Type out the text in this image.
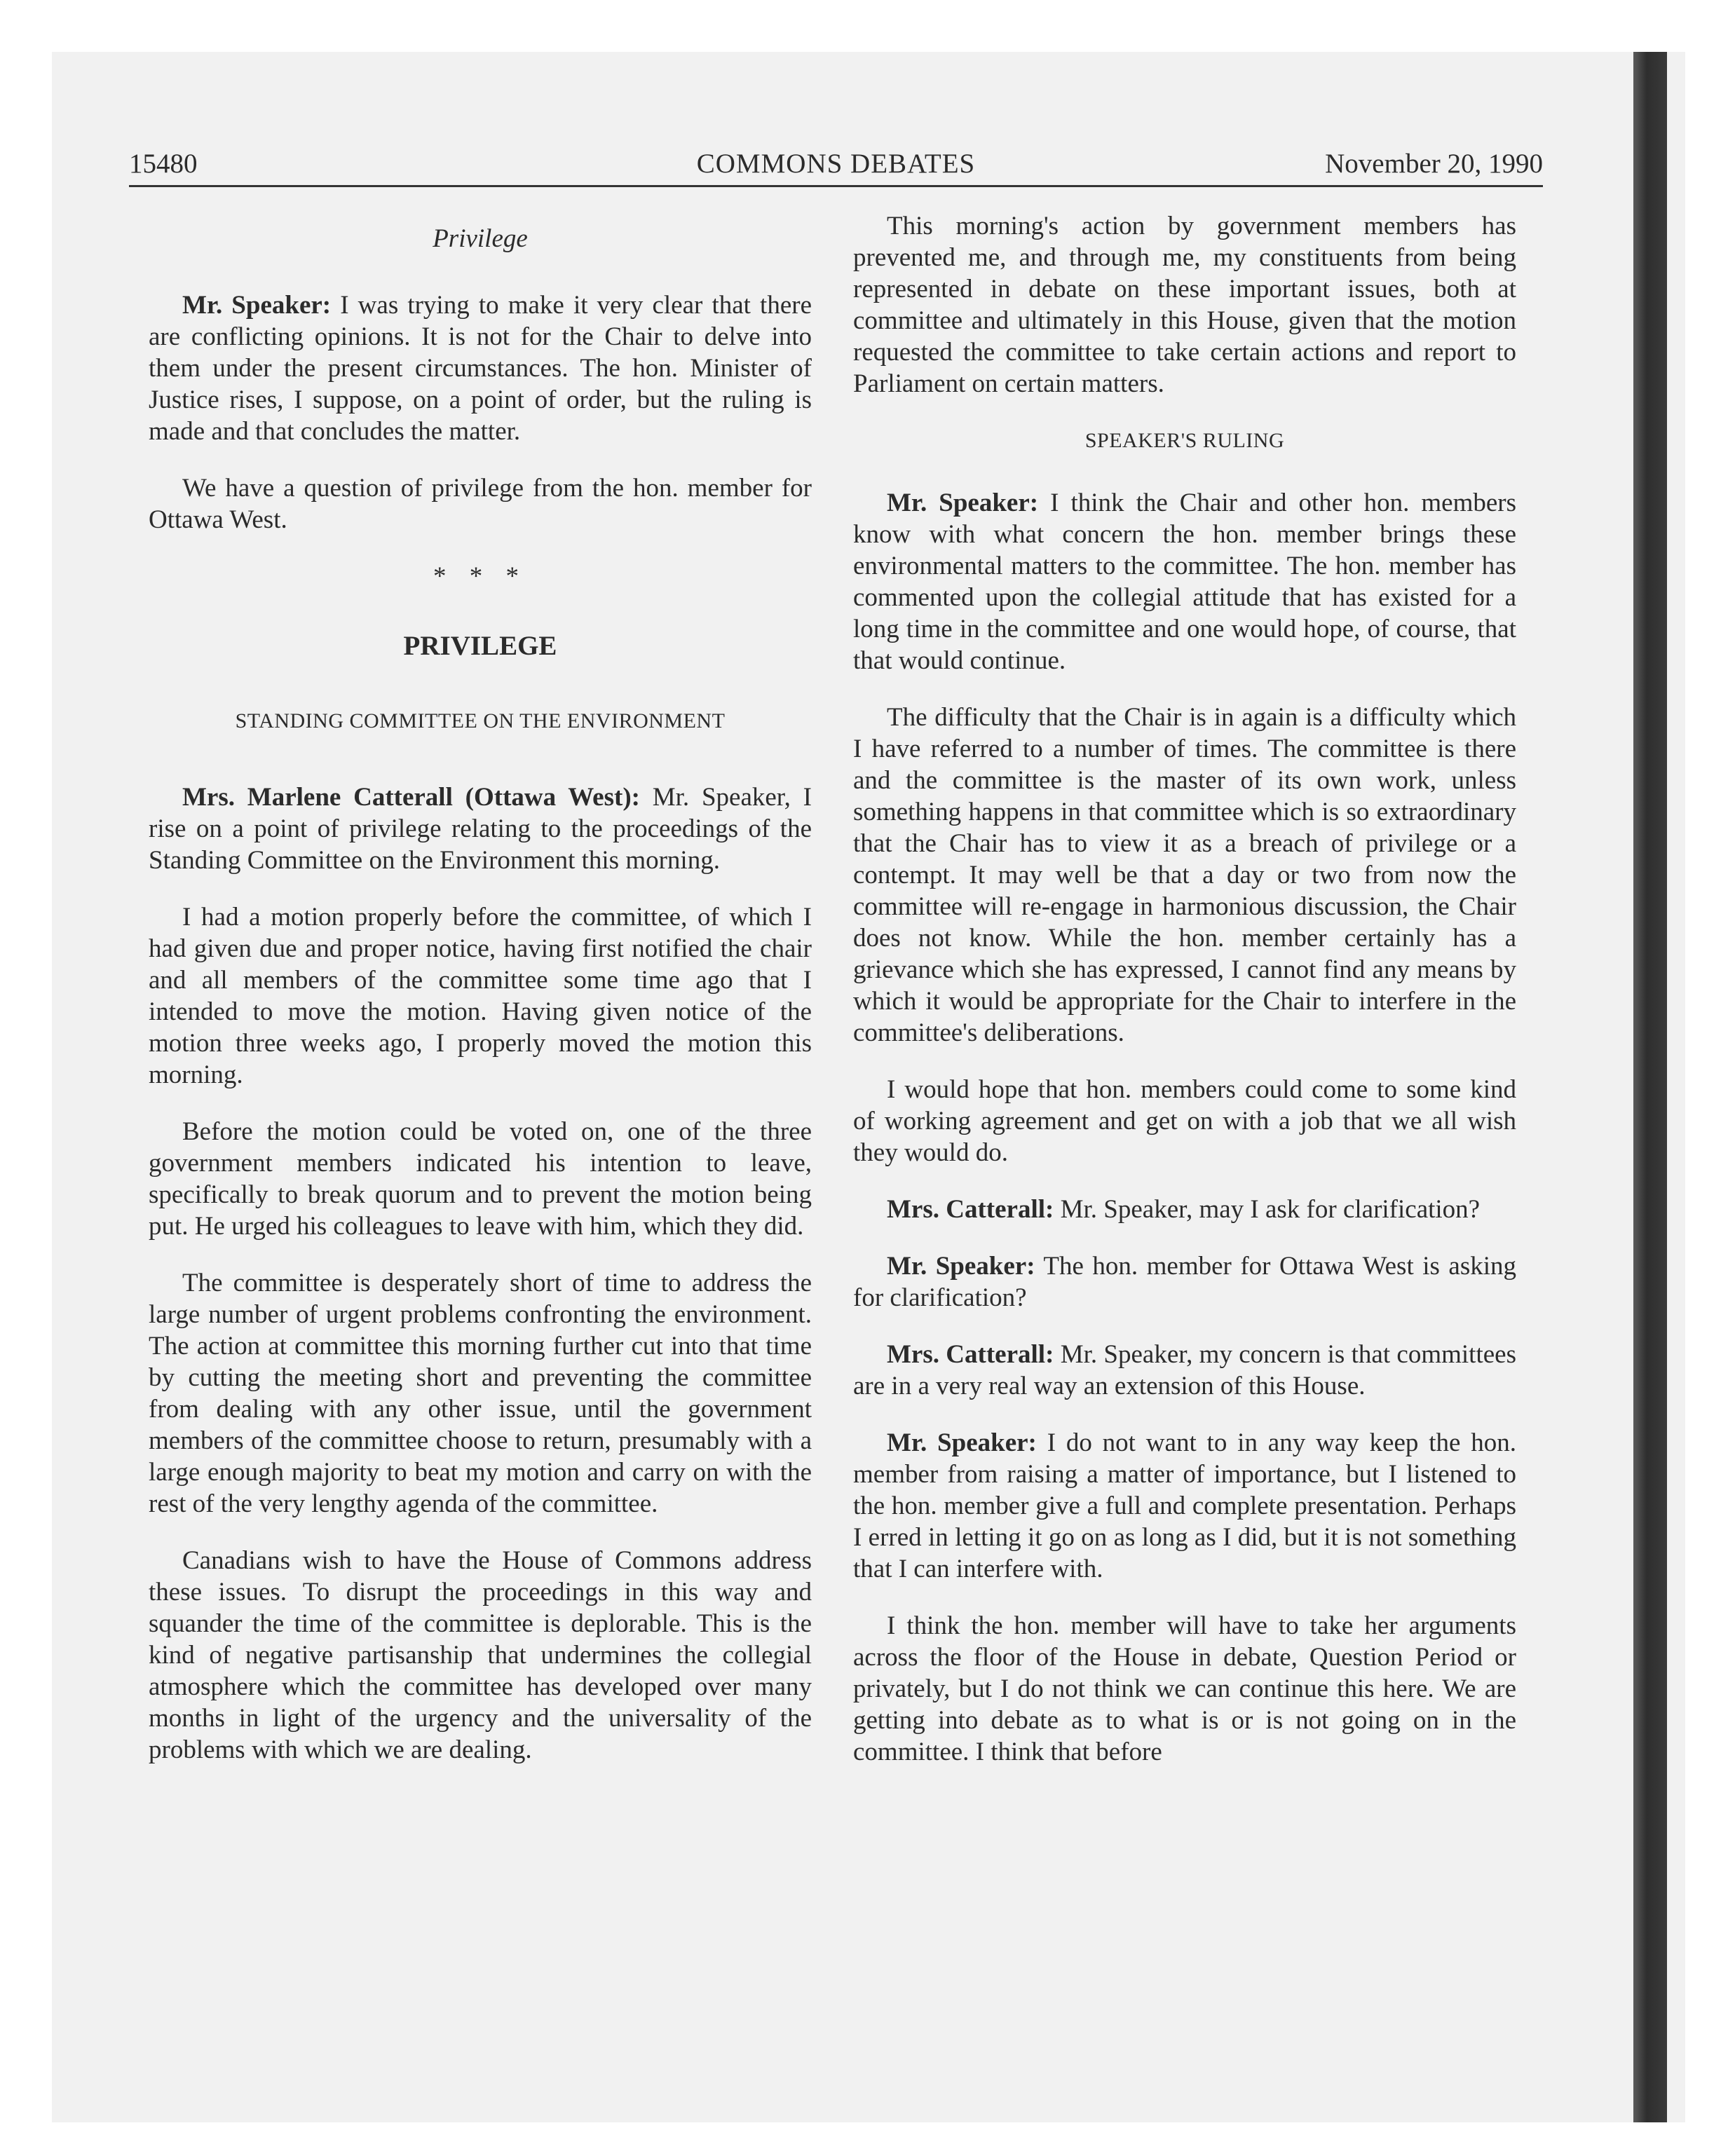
COMMONS DEBATES
15480	November 20, 1990

Privilege

Mr. Speaker: I was trying to make it very clear that there are conflicting opinions. It is not for the Chair to delve into them under the present circumstances. The hon. Minister of Justice rises, I suppose, on a point of order, but the ruling is made and that concludes the matter.

We have a question of privilege from the hon. member for Ottawa West.

* * *

PRIVILEGE

STANDING COMMITTEE ON THE ENVIRONMENT

Mrs. Marlene Catterall (Ottawa West): Mr. Speaker, I rise on a point of privilege relating to the proceedings of the Standing Committee on the Environment this morning.

I had a motion properly before the committee, of which I had given due and proper notice, having first notified the chair and all members of the committee some time ago that I intended to move the motion. Having given notice of the motion three weeks ago, I properly moved the motion this morning.

Before the motion could be voted on, one of the three government members indicated his intention to leave, specifically to break quorum and to prevent the motion being put. He urged his colleagues to leave with him, which they did.

The committee is desperately short of time to address the large number of urgent problems confronting the environment. The action at committee this morning further cut into that time by cutting the meeting short and preventing the committee from dealing with any other issue, until the government members of the committee choose to return, presumably with a large enough majority to beat my motion and carry on with the rest of the very lengthy agenda of the committee.

Canadians wish to have the House of Commons address these issues. To disrupt the proceedings in this way and squander the time of the committee is deplorable. This is the kind of negative partisanship that undermines the collegial atmosphere which the committee has developed over many months in light of the urgency and the universality of the problems with which we are dealing.

This morning's action by government members has prevented me, and through me, my constituents from being represented in debate on these important issues, both at committee and ultimately in this House, given that the motion requested the committee to take certain actions and report to Parliament on certain matters.

SPEAKER'S RULING

Mr. Speaker: I think the Chair and other hon. members know with what concern the hon. member brings these environmental matters to the committee. The hon. member has commented upon the collegial attitude that has existed for a long time in the committee and one would hope, of course, that that would continue.

The difficulty that the Chair is in again is a difficulty which I have referred to a number of times. The committee is there and the committee is the master of its own work, unless something happens in that committee which is so extraordinary that the Chair has to view it as a breach of privilege or a contempt. It may well be that a day or two from now the committee will re-engage in harmonious discussion, the Chair does not know. While the hon. member certainly has a grievance which she has expressed, I cannot find any means by which it would be appropriate for the Chair to interfere in the committee's deliberations.

I would hope that hon. members could come to some kind of working agreement and get on with a job that we all wish they would do.

Mrs. Catterall: Mr. Speaker, may I ask for clarification?

Mr. Speaker: The hon. member for Ottawa West is asking for clarification?

Mrs. Catterall: Mr. Speaker, my concern is that committees are in a very real way an extension of this House.

Mr. Speaker: I do not want to in any way keep the hon. member from raising a matter of importance, but I listened to the hon. member give a full and complete presentation. Perhaps I erred in letting it go on as long as I did, but it is not something that I can interfere with.

I think the hon. member will have to take her arguments across the floor of the House in debate, Question Period or privately, but I do not think we can continue this here. We are getting into debate as to what is or is not going on in the committee. I think that before
